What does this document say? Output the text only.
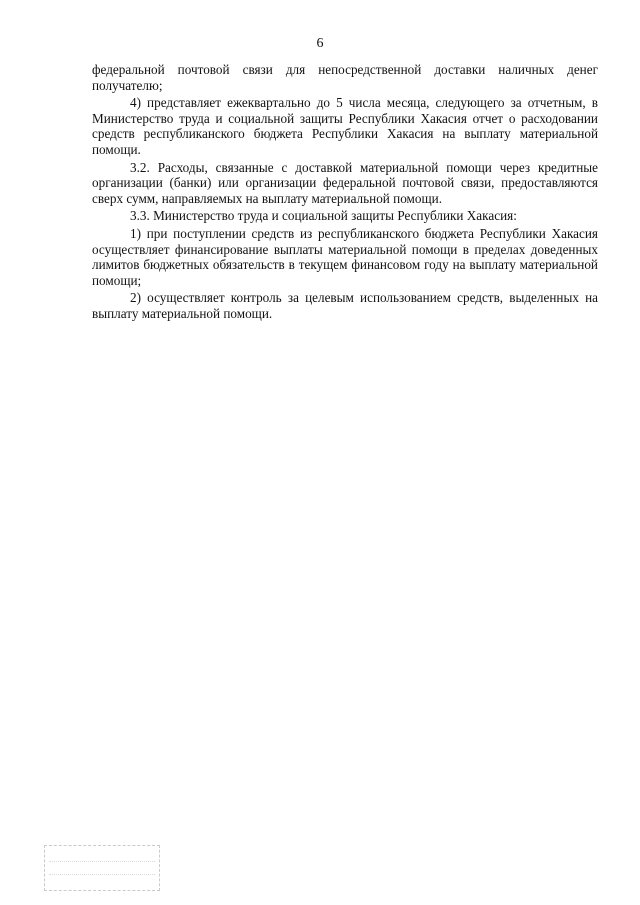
6

федеральной почтовой связи для непосредственной доставки наличных денег получателю;

4) представляет ежеквартально до 5 числа месяца, следующего за отчетным, в Министерство труда и социальной защиты Республики Хакасия отчет о расходовании средств республиканского бюджета Республики Хакасия на выплату материальной помощи.

3.2. Расходы, связанные с доставкой материальной помощи через кредитные организации (банки) или организации федеральной почтовой связи, предоставляются сверх сумм, направляемых на выплату материальной помощи.

3.3. Министерство труда и социальной защиты Республики Хакасия:

1) при поступлении средств из республиканского бюджета Республики Хакасия осуществляет финансирование выплаты материальной помощи в пределах доведенных лимитов бюджетных обязательств в текущем финансовом году на выплату материальной помощи;

2) осуществляет контроль за целевым использованием средств, выделенных на выплату материальной помощи.
